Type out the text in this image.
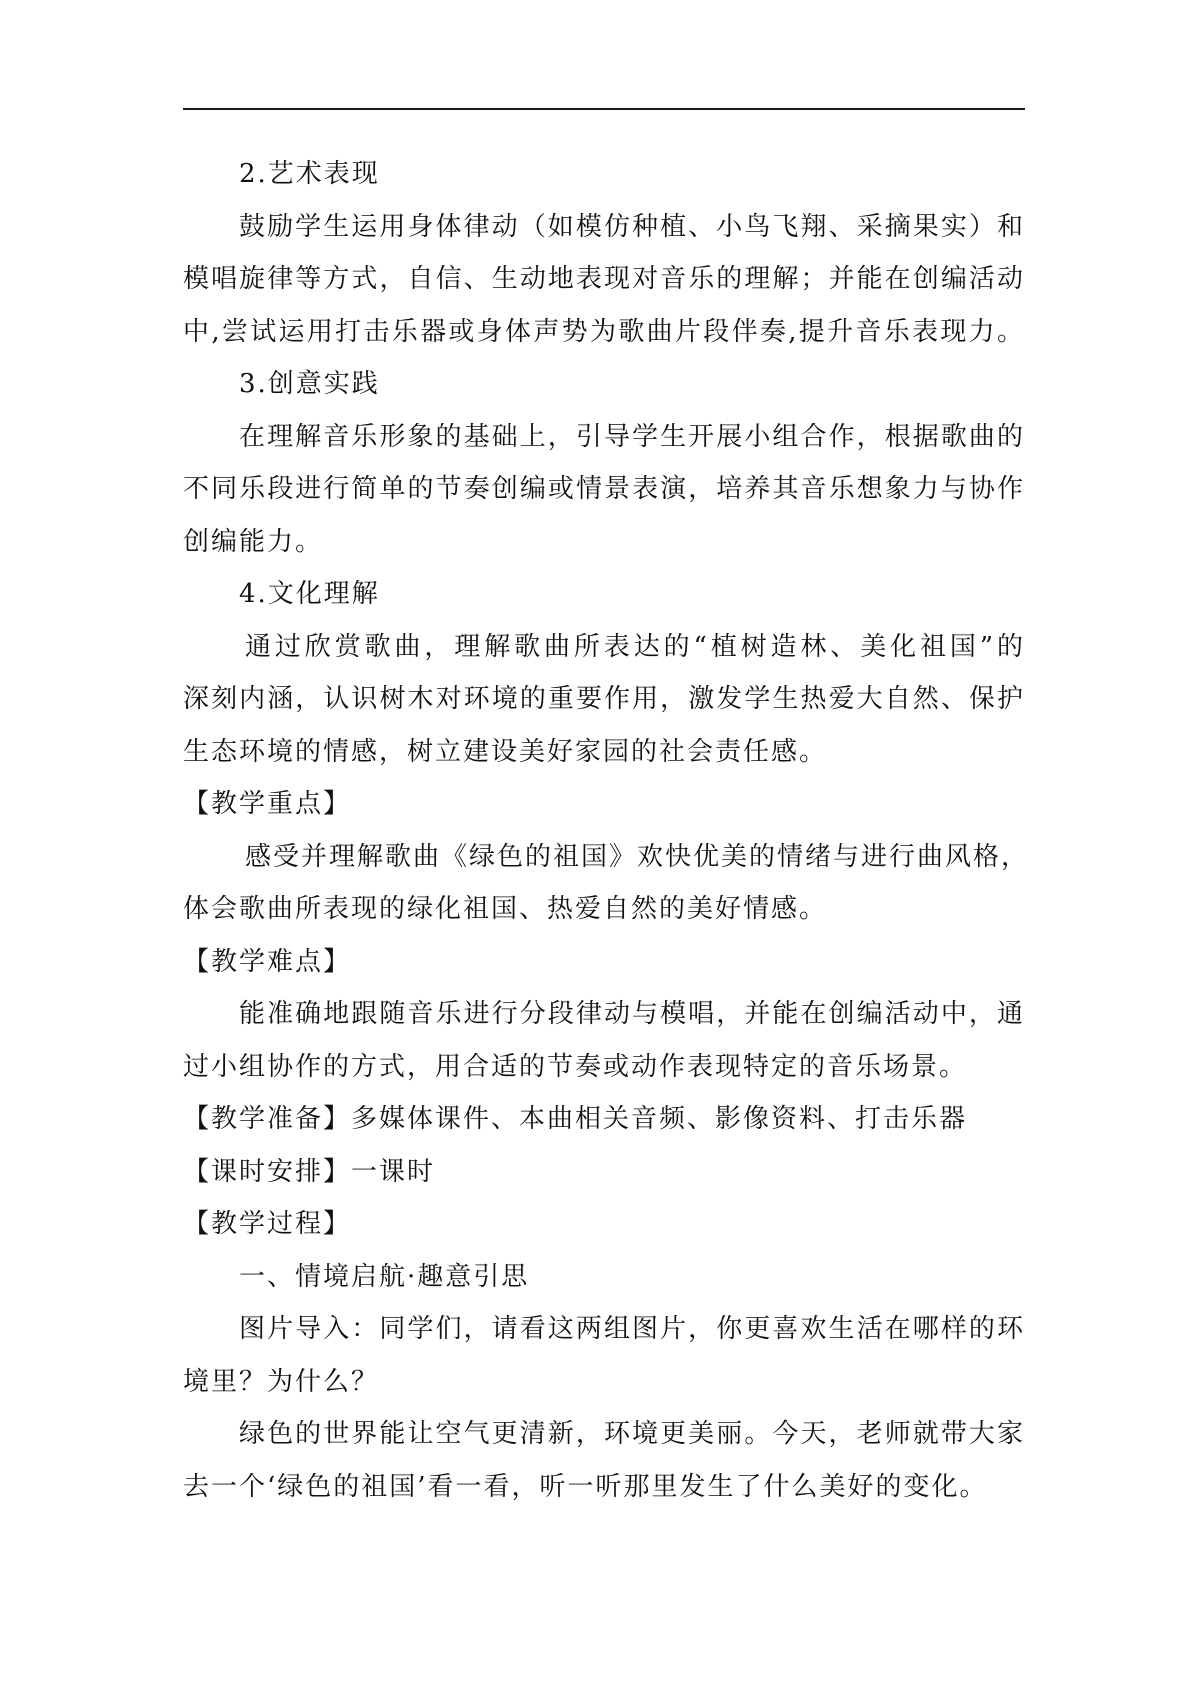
2.艺术表现
鼓励学生运用身体律动（如模仿种植、小鸟飞翔、采摘果实）和
模唱旋律等方式，自信、生动地表现对音乐的理解；并能在创编活动
中,尝试运用打击乐器或身体声势为歌曲片段伴奏,提升音乐表现力。
3.创意实践
在理解音乐形象的基础上，引导学生开展小组合作，根据歌曲的
不同乐段进行简单的节奏创编或情景表演，培养其音乐想象力与协作
创编能力。
4.文化理解
通过欣赏歌曲，理解歌曲所表达的“植树造林、美化祖国”的
深刻内涵，认识树木对环境的重要作用，激发学生热爱大自然、保护
生态环境的情感，树立建设美好家园的社会责任感。
【教学重点】
感受并理解歌曲《绿色的祖国》欢快优美的情绪与进行曲风格，
体会歌曲所表现的绿化祖国、热爱自然的美好情感。
【教学难点】
能准确地跟随音乐进行分段律动与模唱，并能在创编活动中，通
过小组协作的方式，用合适的节奏或动作表现特定的音乐场景。
【教学准备】多媒体课件、本曲相关音频、影像资料、打击乐器
【课时安排】一课时
【教学过程】
一、情境启航·趣意引思
图片导入：同学们，请看这两组图片，你更喜欢生活在哪样的环
境里？为什么？
绿色的世界能让空气更清新，环境更美丽。今天，老师就带大家
去一个‘绿色的祖国’看一看，听一听那里发生了什么美好的变化。
